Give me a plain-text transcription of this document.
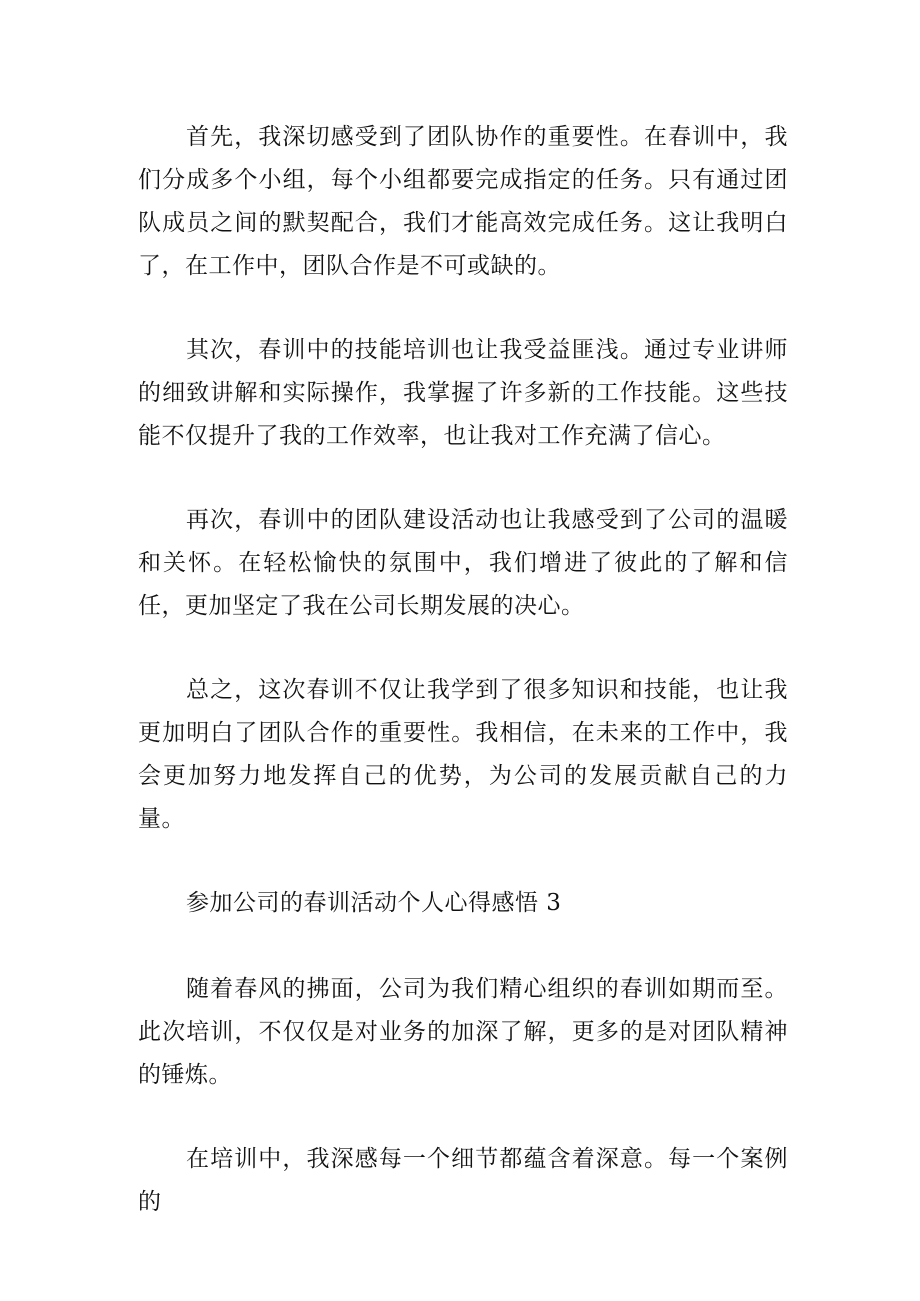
首先，我深切感受到了团队协作的重要性。在春训中，我们分成多个小组，每个小组都要完成指定的任务。只有通过团队成员之间的默契配合，我们才能高效完成任务。这让我明白了，在工作中，团队合作是不可或缺的。

其次，春训中的技能培训也让我受益匪浅。通过专业讲师的细致讲解和实际操作，我掌握了许多新的工作技能。这些技能不仅提升了我的工作效率，也让我对工作充满了信心。

再次，春训中的团队建设活动也让我感受到了公司的温暖和关怀。在轻松愉快的氛围中，我们增进了彼此的了解和信任，更加坚定了我在公司长期发展的决心。

总之，这次春训不仅让我学到了很多知识和技能，也让我更加明白了团队合作的重要性。我相信，在未来的工作中，我会更加努力地发挥自己的优势，为公司的发展贡献自己的力量。

参加公司的春训活动个人心得感悟 3

随着春风的拂面，公司为我们精心组织的春训如期而至。此次培训，不仅仅是对业务的加深了解，更多的是对团队精神的锤炼。

在培训中，我深感每一个细节都蕴含着深意。每一个案例的
